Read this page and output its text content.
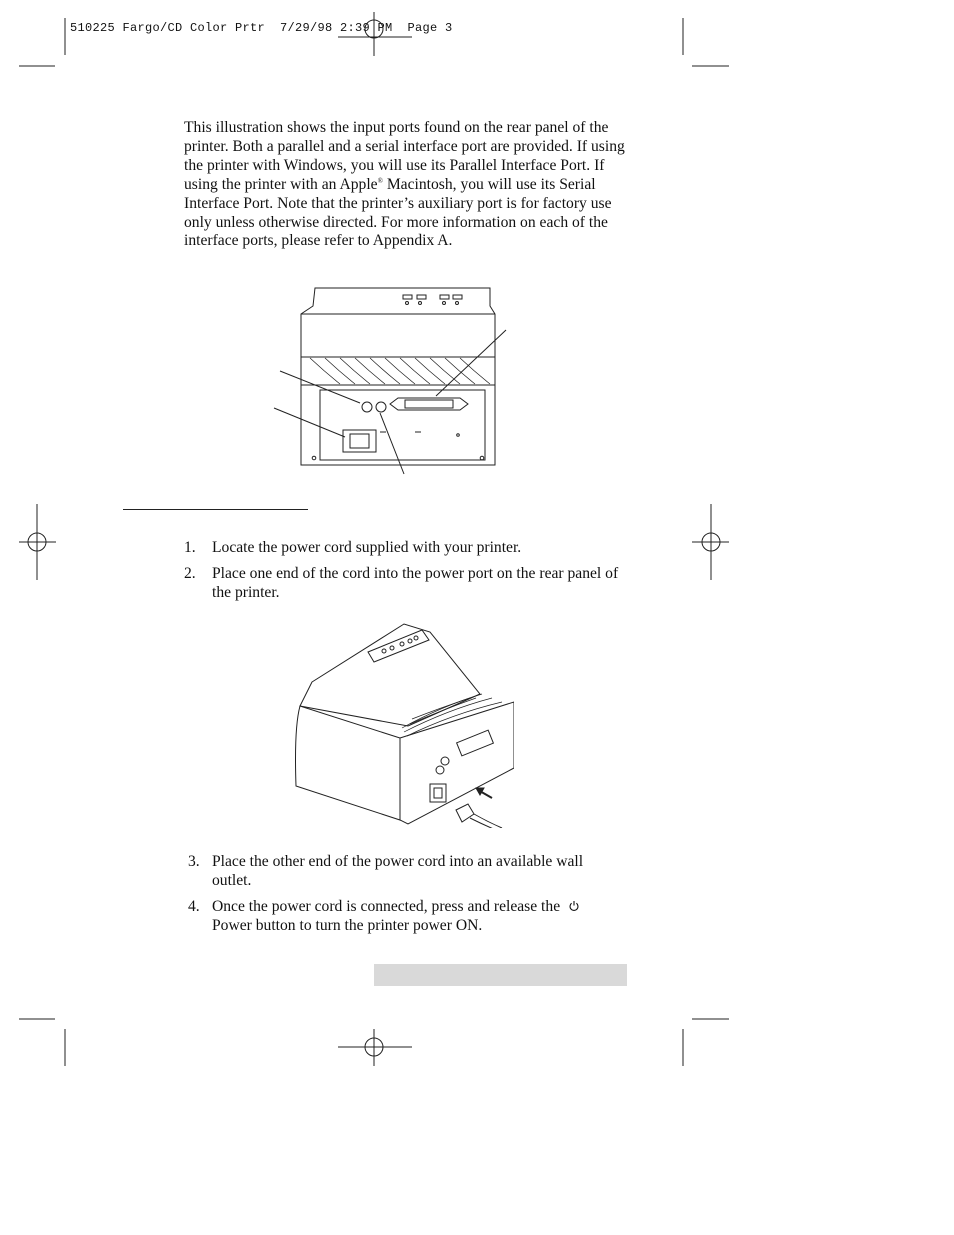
510225 Fargo/CD Color Prtr  7/29/98 2:39 PM  Page 3

This illustration shows the input ports found on the rear panel of the printer. Both a parallel and a serial interface port are provided. If using the printer with Windows, you will use its Parallel Interface Port. If using the printer with an Apple® Macintosh, you will use its Serial Interface Port. Note that the printer’s auxiliary port is for factory use only unless otherwise directed. For more information on each of the interface ports, please refer to Appendix A.

1. Locate the power cord supplied with your printer.
2. Place one end of the cord into the power port on the rear panel of the printer.
3. Place the other end of the power cord into an available wall outlet.
4. Once the power cord is connected, press and release the  Power button to turn the printer power ON.
